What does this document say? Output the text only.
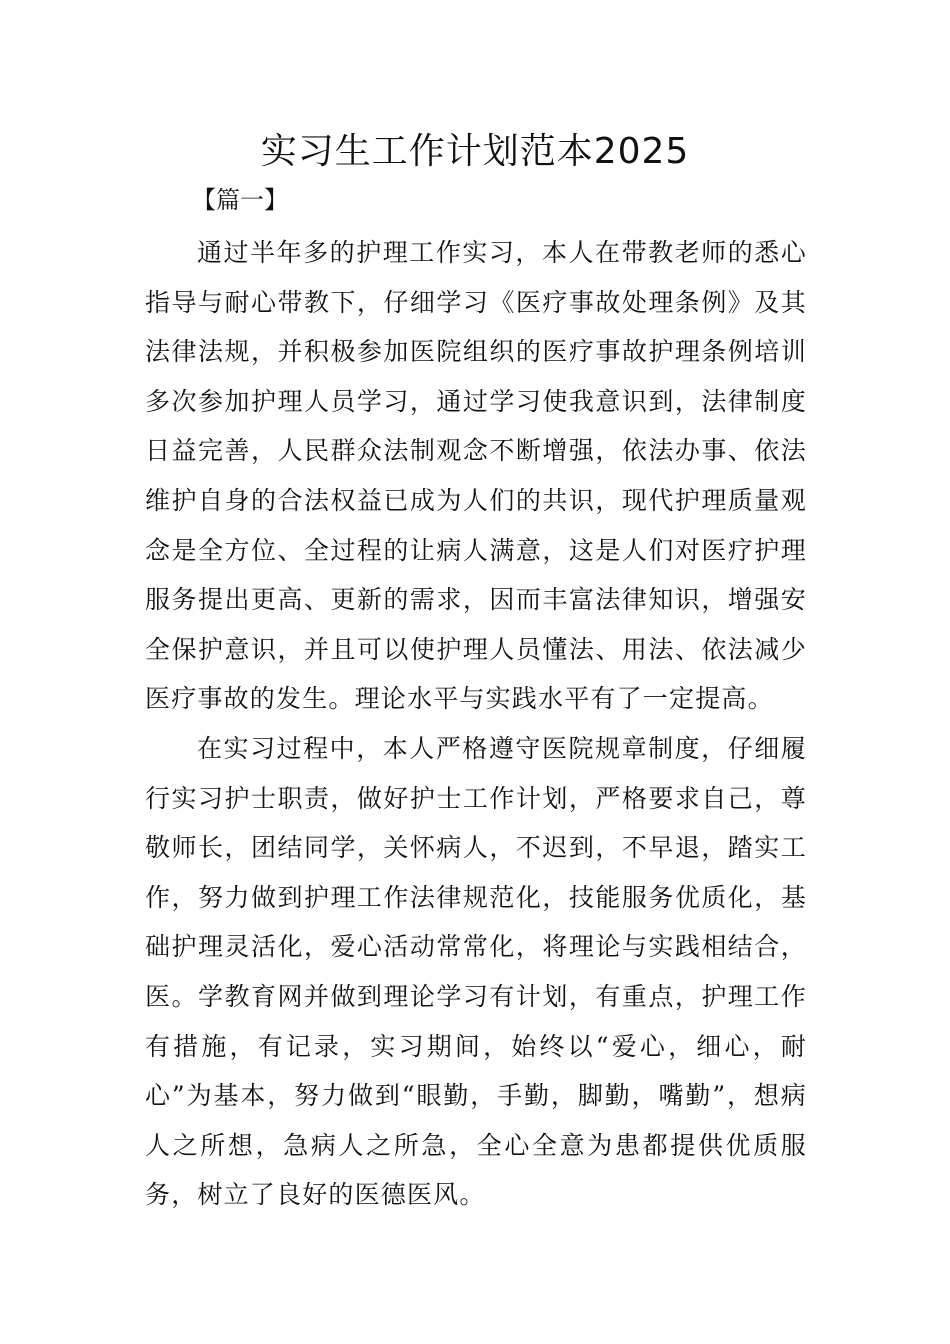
实习生工作计划范本2025
【篇一】

通过半年多的护理工作实习，本人在带教老师的悉心指导与耐心带教下，仔细学习《医疗事故处理条例》及其法律法规，并积极参加医院组织的医疗事故护理条例培训多次参加护理人员学习，通过学习使我意识到，法律制度日益完善，人民群众法制观念不断增强，依法办事、依法维护自身的合法权益已成为人们的共识，现代护理质量观念是全方位、全过程的让病人满意，这是人们对医疗护理服务提出更高、更新的需求，因而丰富法律知识，增强安全保护意识，并且可以使护理人员懂法、用法、依法减少医疗事故的发生。理论水平与实践水平有了一定提高。

在实习过程中，本人严格遵守医院规章制度，仔细履行实习护士职责，做好护士工作计划，严格要求自己，尊敬师长，团结同学，关怀病人，不迟到，不早退，踏实工作，努力做到护理工作法律规范化，技能服务优质化，基础护理灵活化，爱心活动常常化，将理论与实践相结合，医。学教育网并做到理论学习有计划，有重点，护理工作有措施，有记录，实习期间，始终以“爱心，细心，耐心”为基本，努力做到“眼勤，手勤，脚勤，嘴勤”，想病人之所想，急病人之所急，全心全意为患都提供优质服务，树立了良好的医德医风。
